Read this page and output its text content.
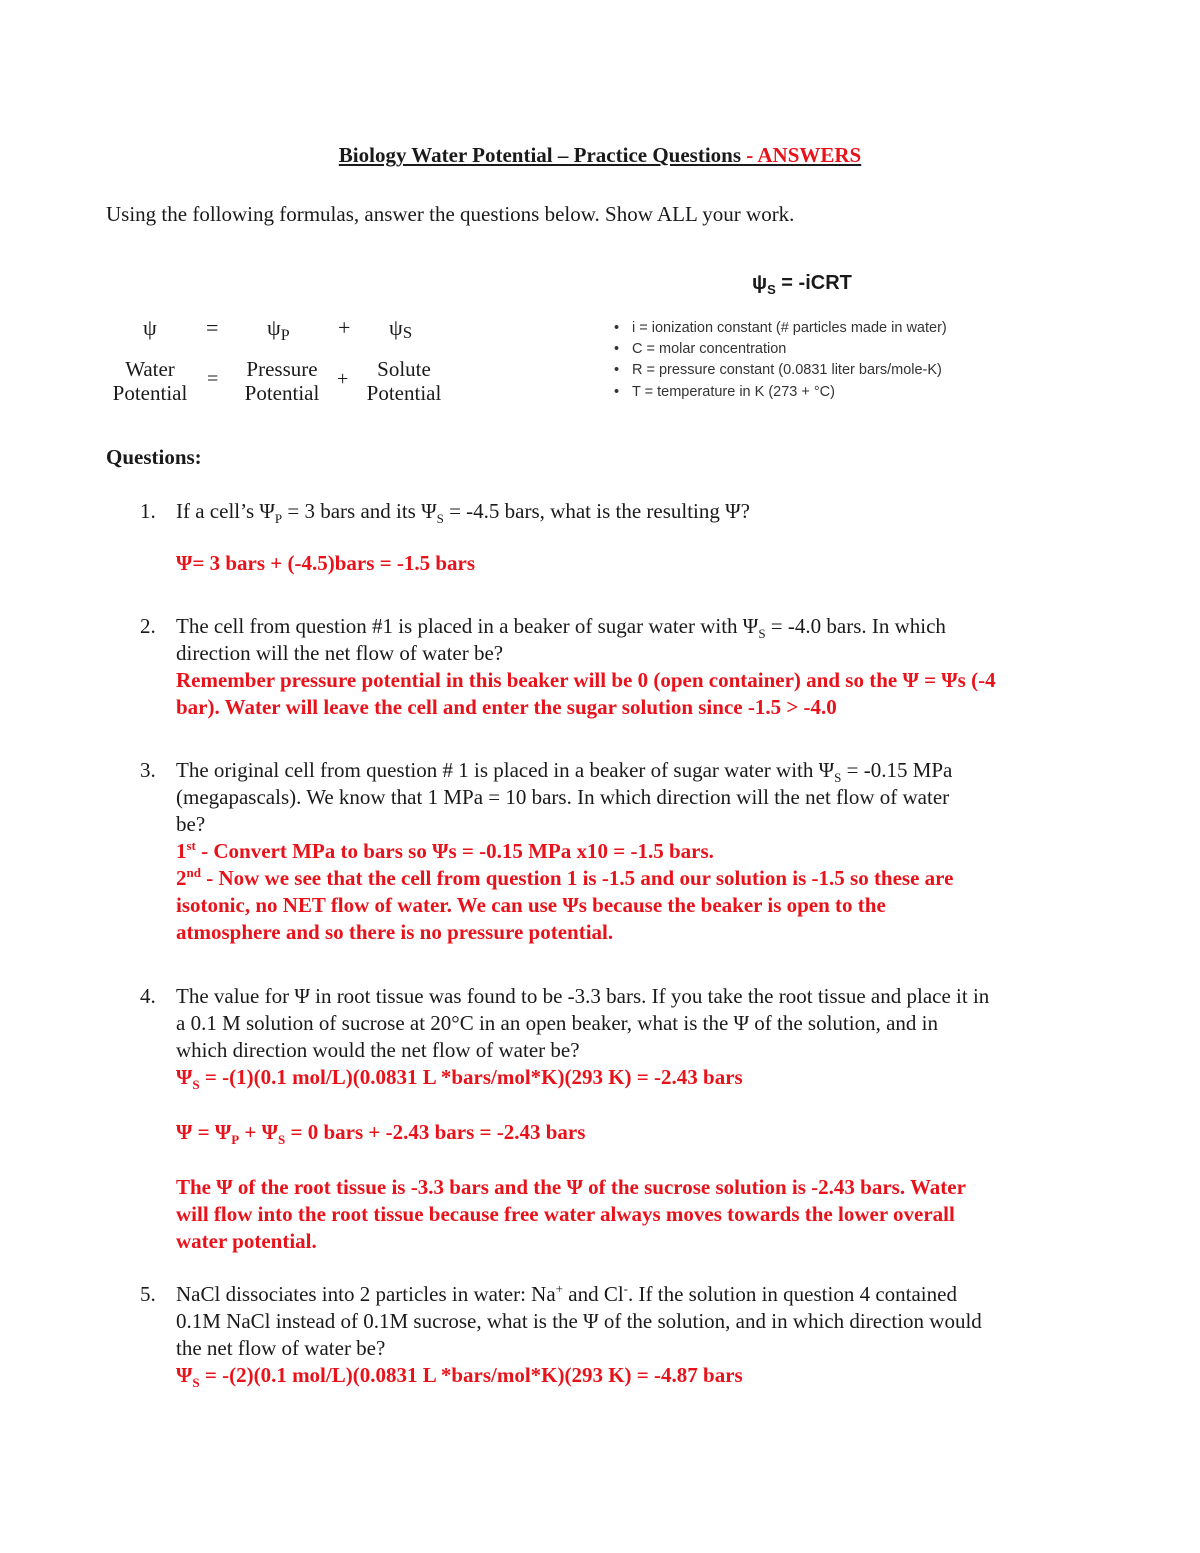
Biology Water Potential – Practice Questions - ANSWERS
Using the following formulas, answer the questions below. Show ALL your work.
$\psi = \psi_P + \psi S$
Water
Potential
=	Pressure
Potential
+	Solute
Potential
$\psi_S$ = -iCRT
• i = ionization constant (# particles made in water)
• C = molar concentration
• R = pressure constant (0.0831 liter bars/mole-K)
• T = temperature in K (273 + °C)
Questions:
1. If a cell’s $\Psi_P = 3$ bars and its $\Psi_S = -4.5$ bars, what is the resulting Ψ?
Ψ= 3 bars + (-4.5)bars = -1.5 bars
2. The cell from question #1 is placed in a beaker of sugar water with $\Psi_S = -4.0$ bars. In which
direction will the net flow of water be?
Remember pressure potential in this beaker will be 0 (open container) and so the Ψ = Ψs (-4
bar). Water will leave the cell and enter the sugar solution since -1.5 > -4.0
3. The original cell from question # 1 is placed in a beaker of sugar water with $\Psi_S = -0.15$ MPa
(megapascals). We know that 1 MPa = 10 bars. In which direction will the net flow of water
be?
1st - Convert MPa to bars so Ψs = -0.15 MPa x10 = -1.5 bars.
2nd - Now we see that the cell from question 1 is -1.5 and our solution is -1.5 so these are
isotonic, no NET flow of water. We can use Ψs because the beaker is open to the
atmosphere and so there is no pressure potential.
4. The value for Ψ in root tissue was found to be -3.3 bars. If you take the root tissue and place it in
a 0.1 M solution of sucrose at 20°C in an open beaker, what is the Ψ of the solution, and in
which direction would the net flow of water be?
$\Psi_S = -(1)(0.1$ mol/L)(0.0831 L *bars/mol*K)(293 K) = -2.43 bars
$\Psi = \Psi_P + \Psi_S = 0$ bars + -2.43 bars = -2.43 bars
The Ψ of the root tissue is -3.3 bars and the Ψ of the sucrose solution is -2.43 bars. Water
will flow into the root tissue because free water always moves towards the lower overall
water potential.
5. NaCl dissociates into 2 particles in water: Na+ and Cl-. If the solution in question 4 contained
0.1M NaCl instead of 0.1M sucrose, what is the Ψ of the solution, and in which direction would
the net flow of water be?
$\Psi_S = -(2)(0.1$ mol/L)(0.0831 L *bars/mol*K)(293 K) = -4.87 bars
